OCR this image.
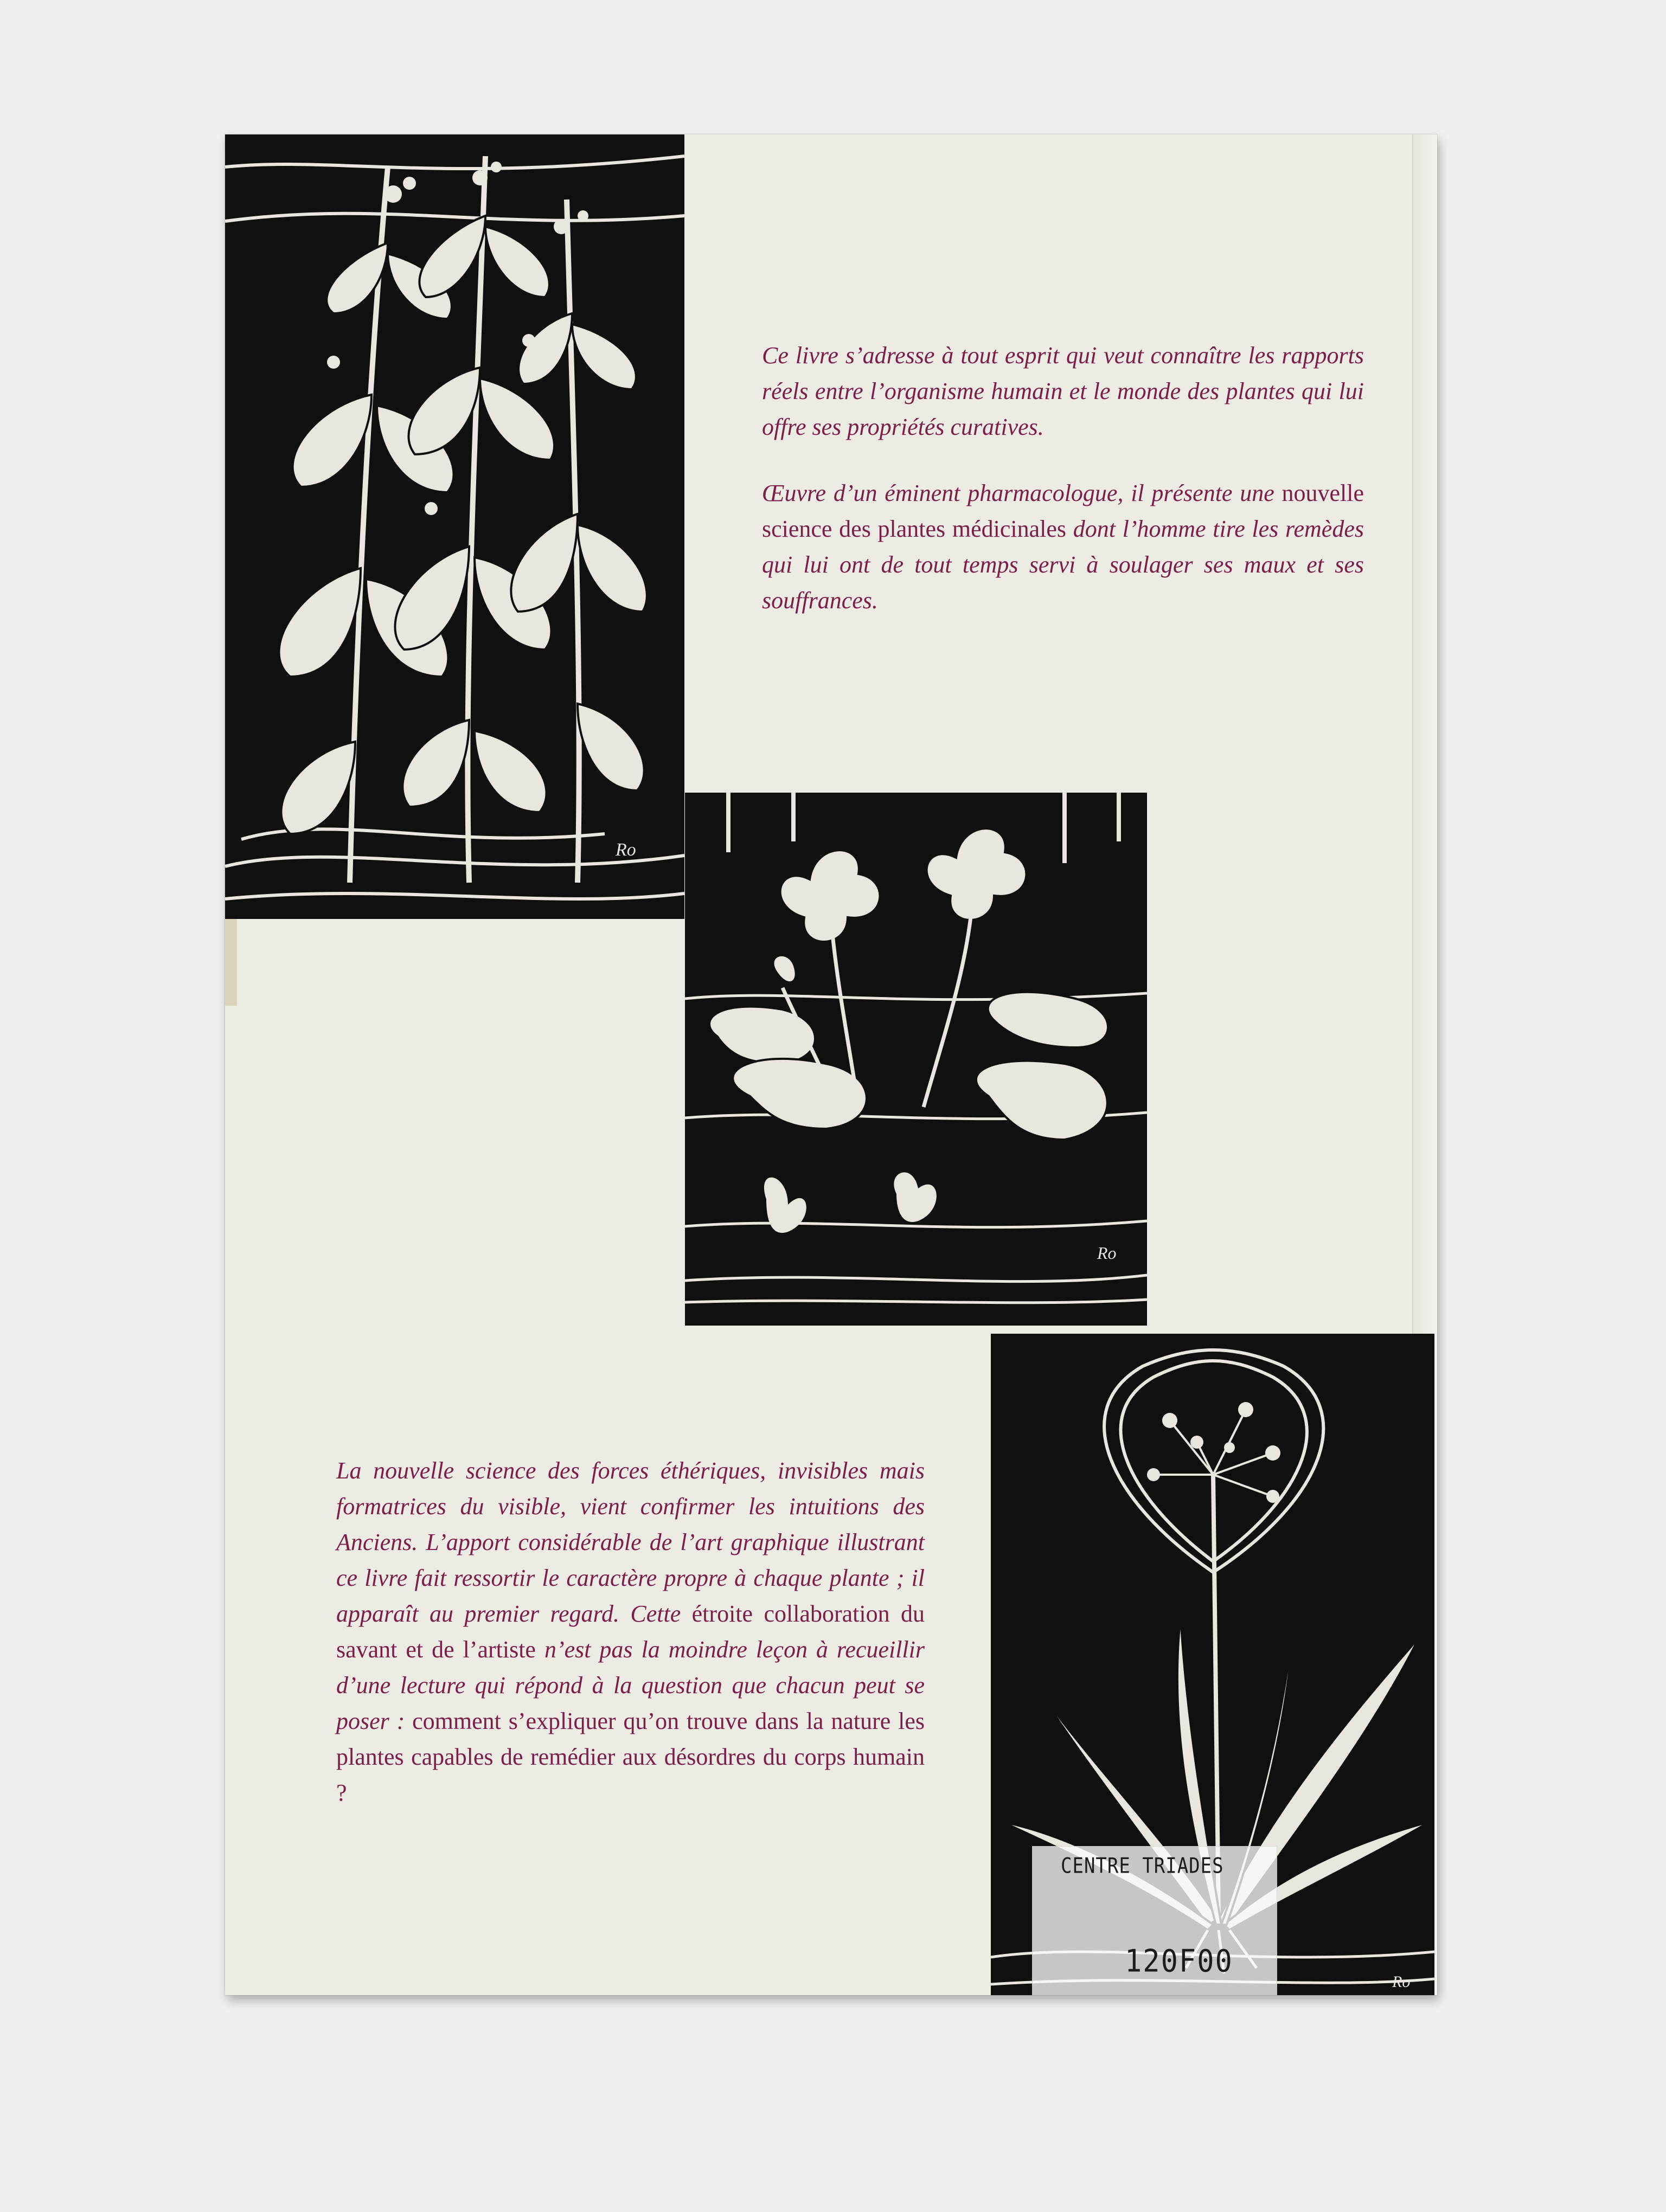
Ro
Ro
Ro

Ce livre s’adresse à tout esprit qui veut connaître les rapports réels entre l’organisme humain et le monde des plantes qui lui offre ses propriétés curatives.

Œuvre d’un éminent pharmacologue, il présente une nouvelle science des plantes médicinales dont l’homme tire les remèdes qui lui ont de tout temps servi à soulager ses maux et ses souffrances.

La nouvelle science des forces éthériques, invisibles mais formatrices du visible, vient confirmer les intuitions des Anciens. L’apport considérable de l’art graphique illustrant ce livre fait ressortir le caractère propre à chaque plante ; il apparaît au premier regard. Cette étroite collaboration du savant et de l’artiste n’est pas la moindre leçon à recueillir d’une lecture qui répond à la question que chacun peut se poser : comment s’expliquer qu’on trouve dans la nature les plantes capables de remédier aux désordres du corps humain ?

CENTRE TRIADES
120F00
